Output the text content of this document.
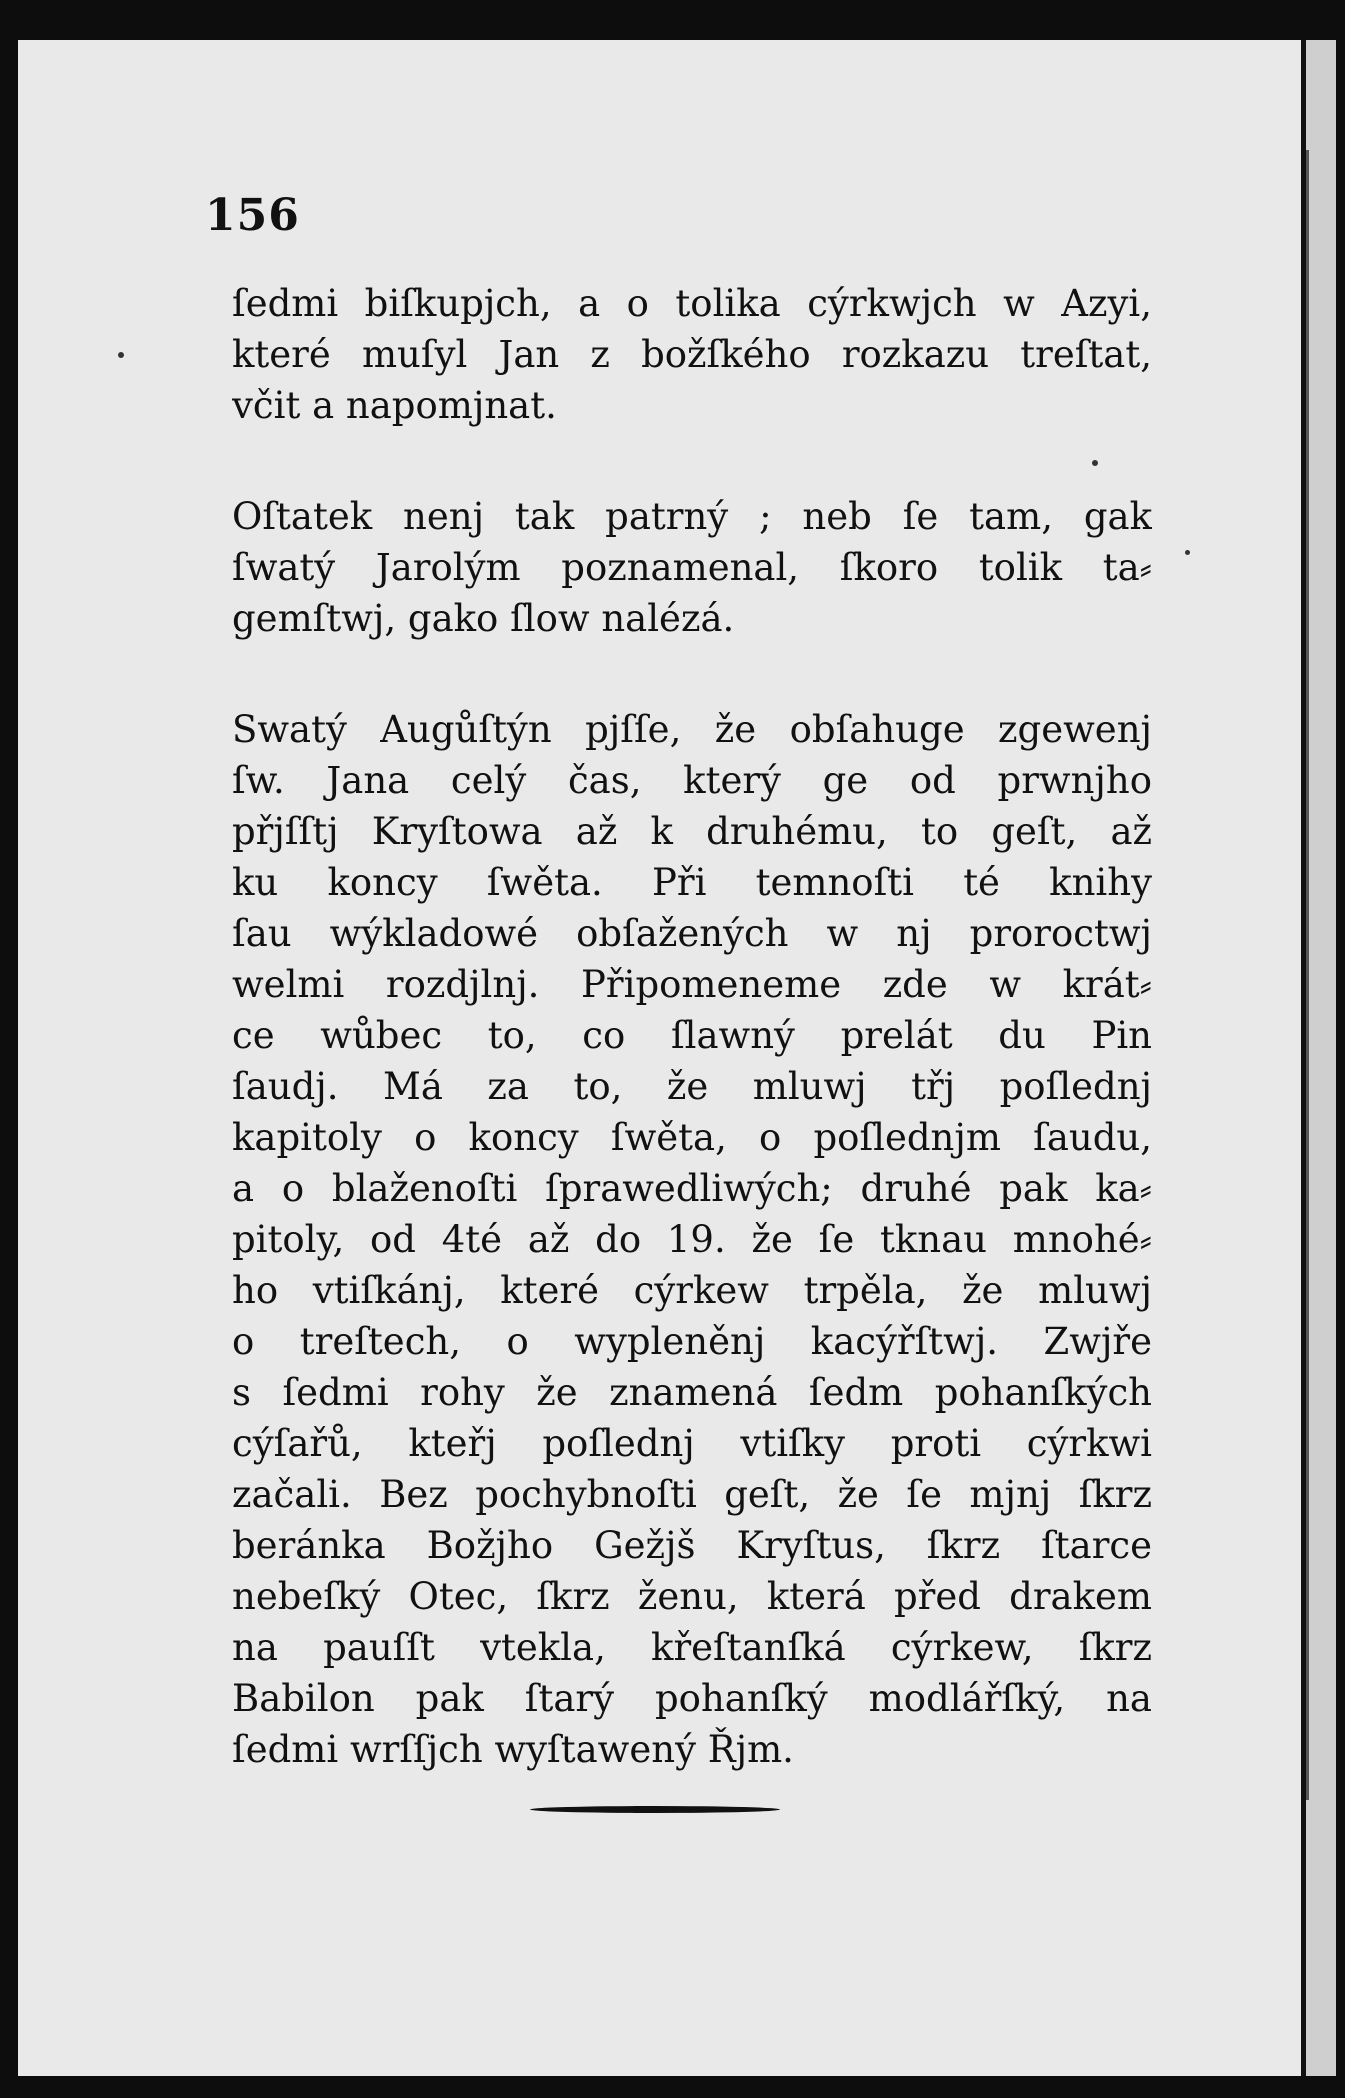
156
ſedmi biſkupjch, a o tolika cýrkwjch w Azyi,
které muſyl Jan z božſkého rozkazu treſtat,
včit a napomjnat.
Oſtatek nenj tak patrný ; neb ſe tam, gak
ſwatý Jarolým poznamenal, ſkoro tolik ta⸗
gemſtwj, gako ſlow nalézá.
Swatý Augůſtýn pjſſe, že obſahuge zgewenj
ſw. Jana celý čas, který ge od prwnjho
přjſſtj Kryſtowa až k druhému, to geſt, až
ku koncy ſwěta. Při temnoſti té knihy
ſau wýkladowé obſažených w nj proroctwj
welmi rozdjlnj. Připomeneme zde w krát⸗
ce wůbec to, co ſlawný prelát du Pin
ſaudj. Má za to, že mluwj třj poſlednj
kapitoly o koncy ſwěta, o poſlednjm ſaudu,
a o blaženoſti ſprawedliwých; druhé pak ka⸗
pitoly, od 4té až do 19. že ſe tknau mnohé⸗
ho vtiſkánj, které cýrkew trpěla, že mluwj
o treſtech, o wypleněnj kacýřſtwj. Zwjře
s ſedmi rohy že znamená ſedm pohanſkých
cýſařů, kteřj poſlednj vtiſky proti cýrkwi
začali. Bez pochybnoſti geſt, že ſe mjnj ſkrz
beránka Božjho Gežjš Kryſtus, ſkrz ſtarce
nebeſký Otec, ſkrz ženu, která před drakem
na pauſſt vtekla, křeſtanſká cýrkew, ſkrz
Babilon pak ſtarý pohanſký modlářſký, na
ſedmi wrſſjch wyſtawený Řjm.
